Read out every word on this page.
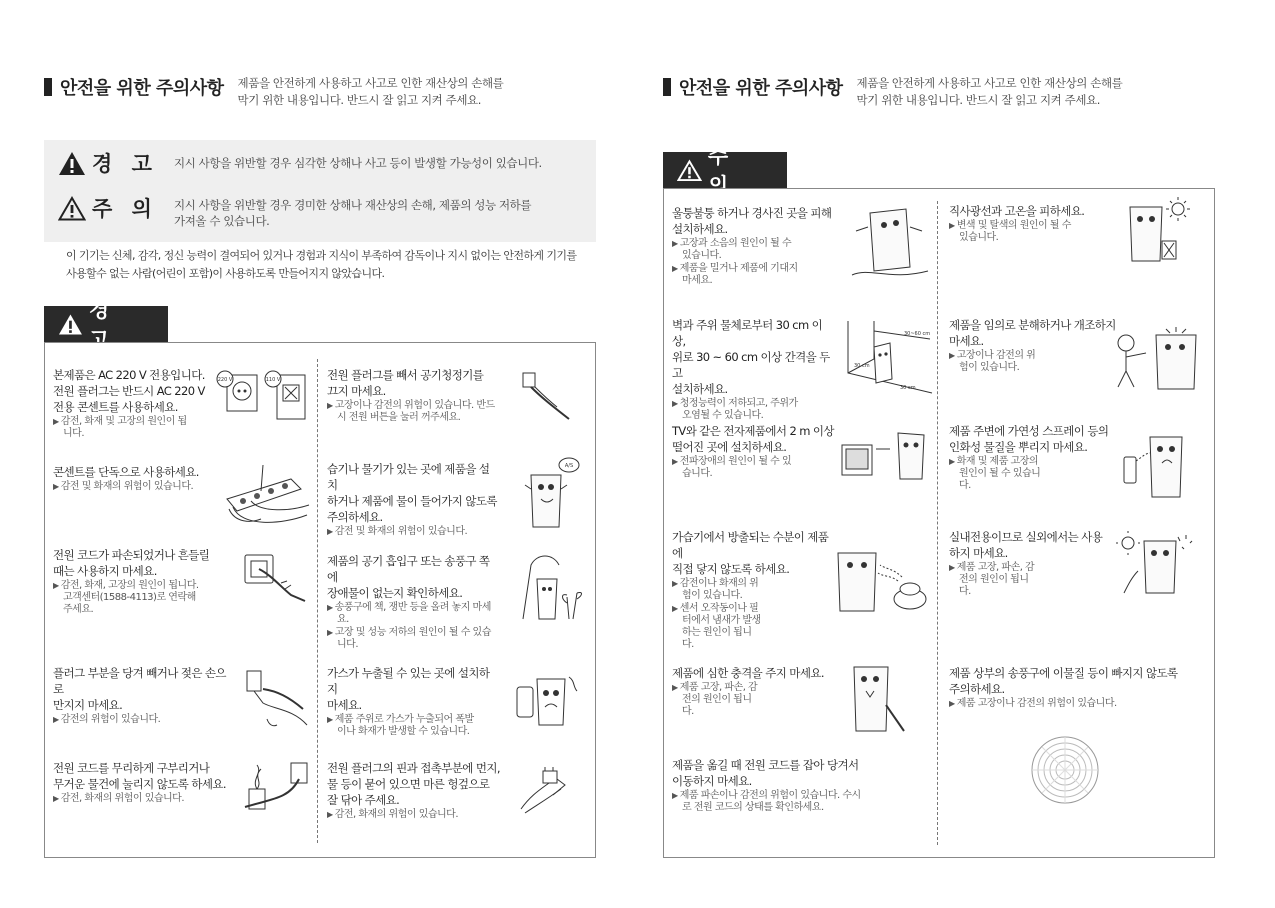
안전을 위한 주의사항 제품을 안전하게 사용하고 사고로 인한 재산상의 손해를
막기 위한 내용입니다. 반드시 잘 읽고 지켜 주세요.
경 고 지시 사항을 위반할 경우 심각한 상해나 사고 등이 발생할 가능성이 있습니다.
주 의 지시 사항을 위반할 경우 경미한 상해나 재산상의 손해, 제품의 성능 저하를
가져올 수 있습니다.
이 기기는 신체, 감각, 정신 능력이 결여되어 있거나 경험과 지식이 부족하여 감독이나 지시 없이는 안전하게 기기를
사용할수 없는 사람(어린이 포함)이 사용하도록 만들어지지 않았습니다.
경 고
본제품은 AC 220 V 전용입니다.
전원 플러그는 반드시 AC 220 V
전용 콘센트를 사용하세요.
▶ 감전, 화재 및 고장의 원인이 됩니다.
220 V	110 V
콘센트를 단독으로 사용하세요.
▶ 감전 및 화재의 위험이 있습니다.
전원 코드가 파손되었거나 흔들릴
때는 사용하지 마세요.
▶ 감전, 화재, 고장의 원인이 됩니다. 고객센터(1588-4113)로 연락해 주세요.
플러그 부분을 당겨 빼거나 젖은 손으로
만지지 마세요.
▶ 감전의 위험이 있습니다.
전원 코드를 무리하게 구부리거나
무거운 물건에 눌리지 않도록 하세요.
▶ 감전, 화재의 위험이 있습니다.
전원 플러그를 빼서 공기청정기를
끄지 마세요.
▶ 고장이나 감전의 위험이 있습니다. 반드시 전원 버튼을 눌러 꺼주세요.
습기나 물기가 있는 곳에 제품을 설치
하거나 제품에 물이 들어가지 않도록
주의하세요.
▶ 감전 및 화재의 위험이 있습니다.
A/S
제품의 공기 흡입구 또는 송풍구 쪽에
장애물이 없는지 확인하세요.
▶ 송풍구에 책, 쟁반 등을 올려 놓지 마세요.
▶ 고장 및 성능 저하의 원인이 될 수 있습니다.
가스가 누출될 수 있는 곳에 설치하지
마세요.
▶ 제품 주위로 가스가 누출되어 폭발이나 화재가 발생할 수 있습니다.
전원 플러그의 핀과 접촉부분에 먼지,
물 등이 묻어 있으면 마른 헝겊으로
잘 닦아 주세요.
▶ 감전, 화재의 위험이 있습니다.
안전을 위한 주의사항 제품을 안전하게 사용하고 사고로 인한 재산상의 손해를
막기 위한 내용입니다. 반드시 잘 읽고 지켜 주세요.
주 의
울퉁불퉁 하거나 경사진 곳을 피해
설치하세요.
▶ 고장과 소음의 원인이 될 수 있습니다.
▶ 제품을 밀거나 제품에 기대지 마세요.
벽과 주위 물체로부터 30 cm 이상,
위로 30 ~ 60 cm 이상 간격을 두고
설치하세요.
▶ 청정능력이 저하되고, 주위가 오염될 수 있습니다.
30~60 cm
30 cm
30 cm
TV와 같은 전자제품에서 2 m 이상
떨어진 곳에 설치하세요.
▶ 전파장애의 원인이 될 수 있습니다.
가습기에서 방출되는 수분이 제품에
직접 닿지 않도록 하세요.
▶ 감전이나 화재의 위험이 있습니다.
▶ 센서 오작동이나 필터에서 냄새가 발생하는 원인이 됩니다.
제품에 심한 충격을 주지 마세요.
▶ 제품 고장, 파손, 감전의 원인이 됩니다.
제품을 옮길 때 전원 코드를 잡아 당겨서
이동하지 마세요.
▶ 제품 파손이나 감전의 위험이 있습니다. 수시로 전원 코드의 상태를 확인하세요.
직사광선과 고온을 피하세요.
▶ 변색 및 탈색의 원인이 될 수 있습니다.
제품을 임의로 분해하거나 개조하지
마세요.
▶ 고장이나 감전의 위험이 있습니다.
제품 주변에 가연성 스프레이 등의
인화성 물질을 뿌리지 마세요.
▶ 화재 및 제품 고장의 원인이 될 수 있습니다.
실내전용이므로 실외에서는 사용
하지 마세요.
▶ 제품 고장, 파손, 감전의 원인이 됩니다.
제품 상부의 송풍구에 이물질 등이 빠지지 않도록
주의하세요.
▶ 제품 고장이나 감전의 위험이 있습니다.
